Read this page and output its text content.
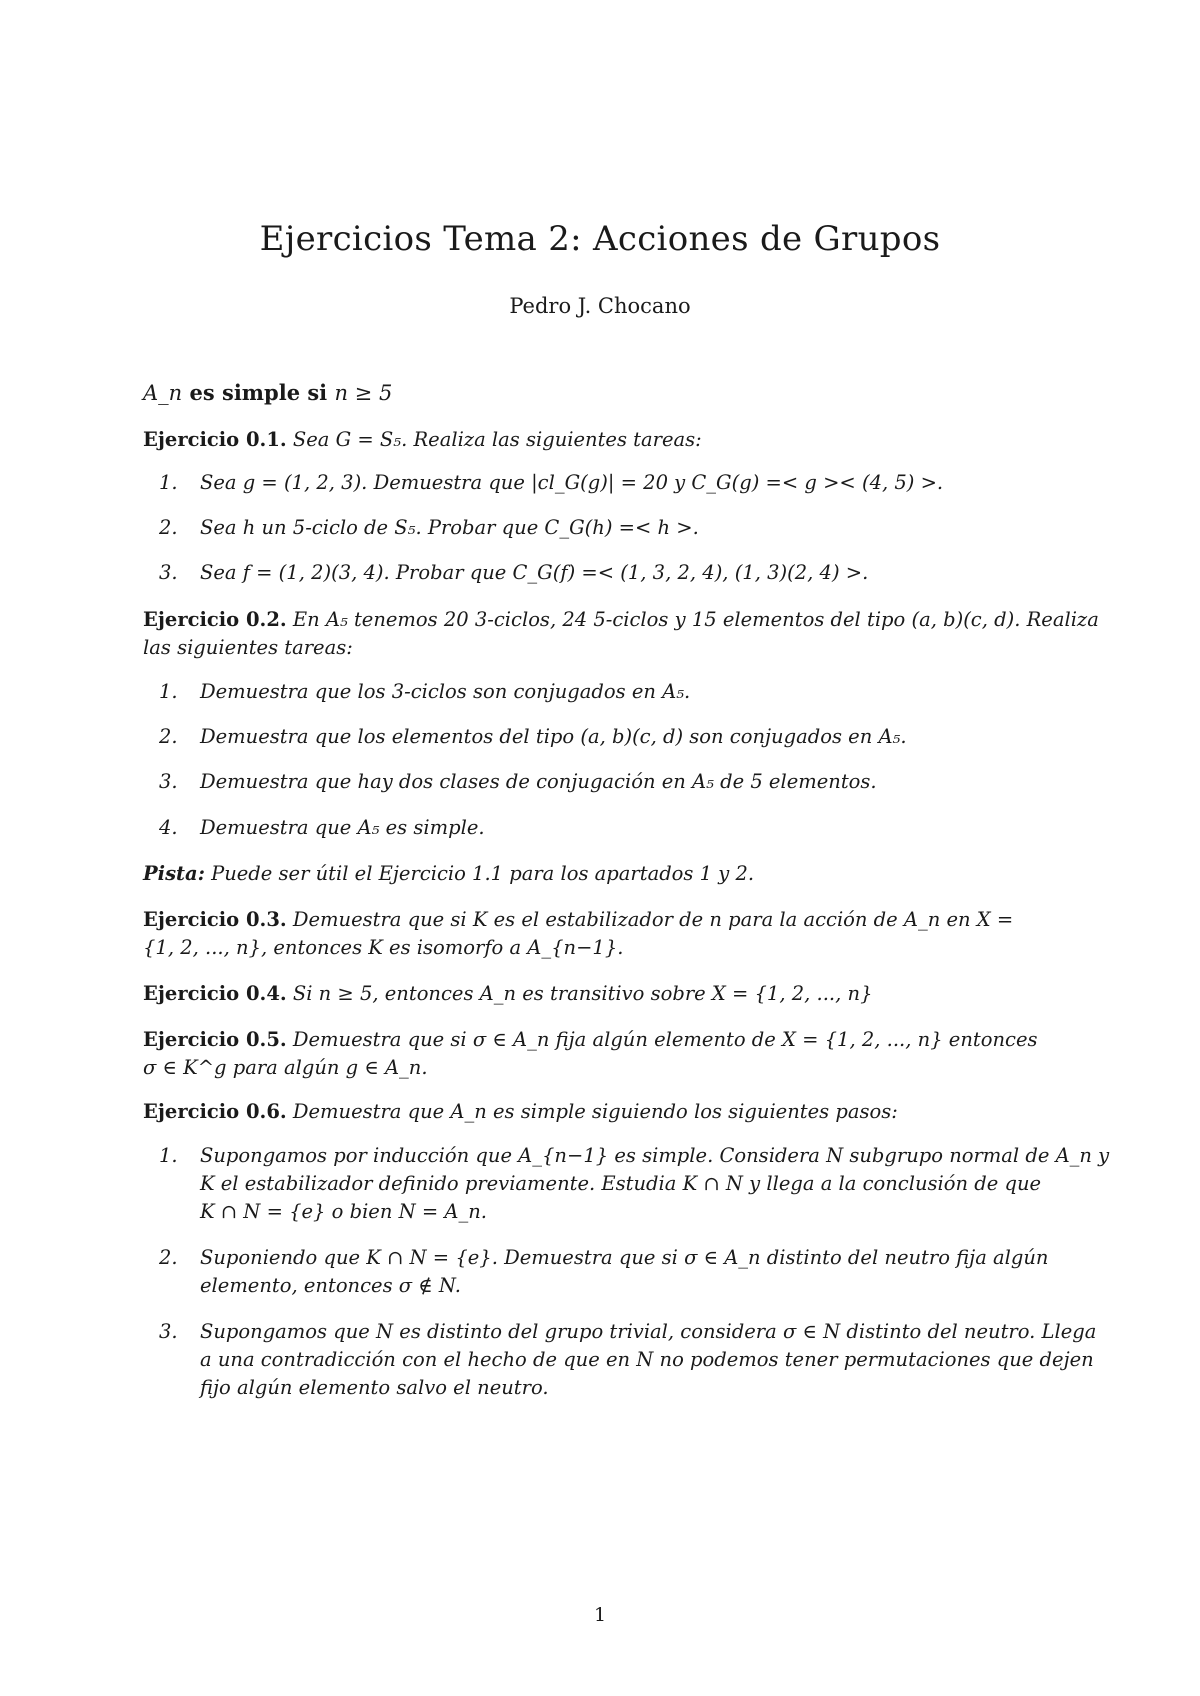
Ejercicios Tema 2: Acciones de Grupos
Pedro J. Chocano
A_n es simple si n ≥ 5
Ejercicio 0.1. Sea G = S₅. Realiza las siguientes tareas:
1. Sea g = (1, 2, 3). Demuestra que |cl_G(g)| = 20 y C_G(g) =< g >< (4, 5) >.
2. Sea h un 5-ciclo de S₅. Probar que C_G(h) =< h >.
3. Sea f = (1, 2)(3, 4). Probar que C_G(f) =< (1, 3, 2, 4), (1, 3)(2, 4) >.
Ejercicio 0.2. En A₅ tenemos 20 3-ciclos, 24 5-ciclos y 15 elementos del tipo (a, b)(c, d). Realiza
las siguientes tareas:
1. Demuestra que los 3-ciclos son conjugados en A₅.
2. Demuestra que los elementos del tipo (a, b)(c, d) son conjugados en A₅.
3. Demuestra que hay dos clases de conjugación en A₅ de 5 elementos.
4. Demuestra que A₅ es simple.
Pista: Puede ser útil el Ejercicio 1.1 para los apartados 1 y 2.
Ejercicio 0.3. Demuestra que si K es el estabilizador de n para la acción de A_n en X =
{1, 2, ..., n}, entonces K es isomorfo a A_{n−1}.
Ejercicio 0.4. Si n ≥ 5, entonces A_n es transitivo sobre X = {1, 2, ..., n}
Ejercicio 0.5. Demuestra que si σ ∈ A_n fija algún elemento de X = {1, 2, ..., n} entonces
σ ∈ K^g para algún g ∈ A_n.
Ejercicio 0.6. Demuestra que A_n es simple siguiendo los siguientes pasos:
1. Supongamos por inducción que A_{n−1} es simple. Considera N subgrupo normal de A_n y
K el estabilizador definido previamente. Estudia K ∩ N y llega a la conclusión de que
K ∩ N = {e} o bien N = A_n.
2. Suponiendo que K ∩ N = {e}. Demuestra que si σ ∈ A_n distinto del neutro fija algún
elemento, entonces σ ∉ N.
3. Supongamos que N es distinto del grupo trivial, considera σ ∈ N distinto del neutro. Llega
a una contradicción con el hecho de que en N no podemos tener permutaciones que dejen
fijo algún elemento salvo el neutro.
1
